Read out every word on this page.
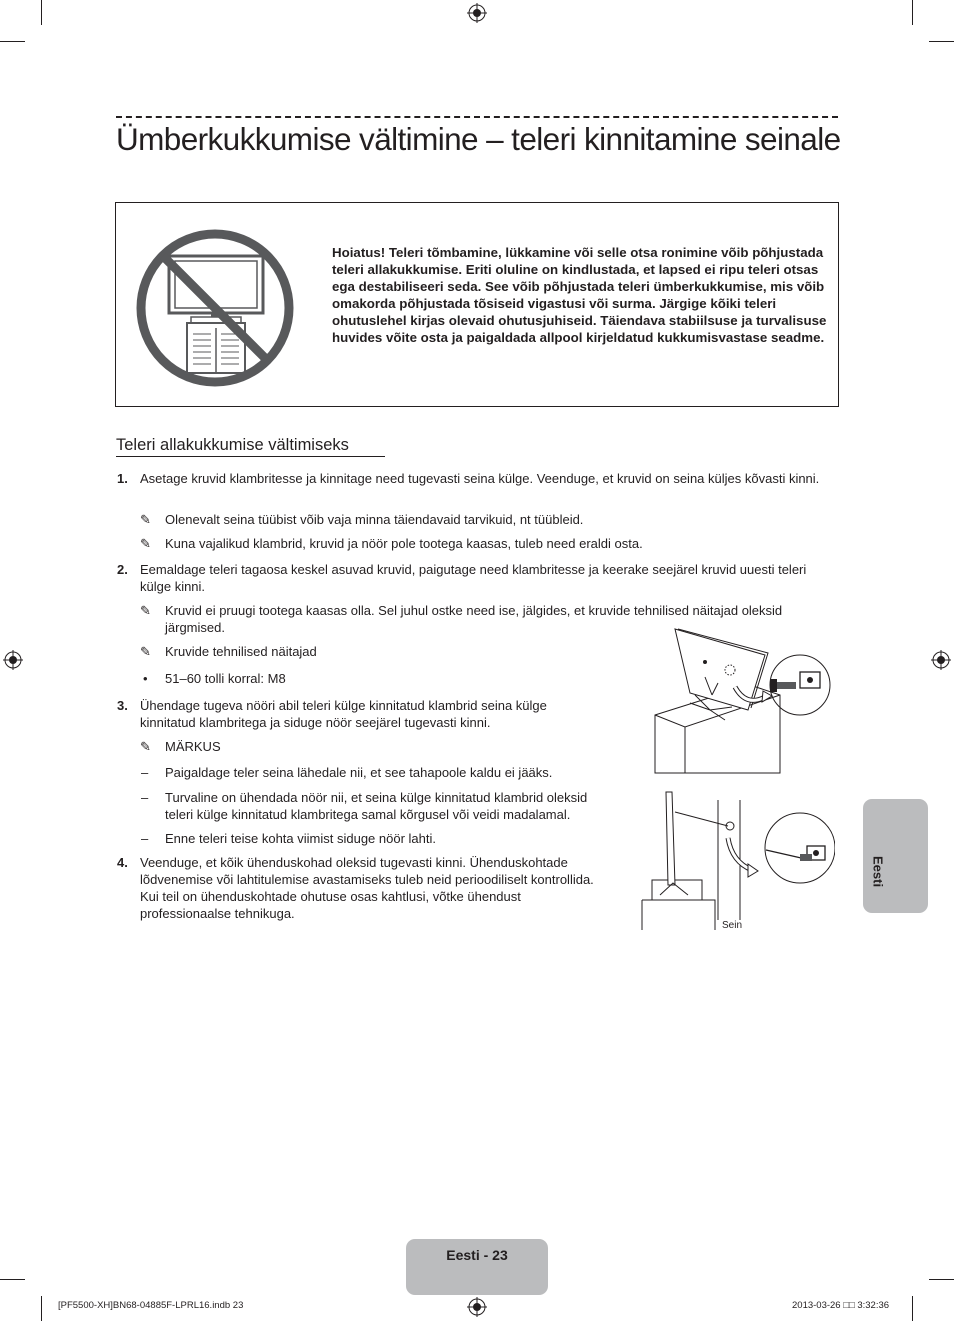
Ümberkukkumise vältimine – teleri kinnitamine seinale

Hoiatus! Teleri tõmbamine, lükkamine või selle otsa ronimine võib põhjustada teleri allakukkumise. Eriti oluline on kindlustada, et lapsed ei ripu teleri otsas ega destabiliseeri seda. See võib põhjustada teleri ümberkukkumise, mis võib omakorda põhjustada tõsiseid vigastusi või surma. Järgige kõiki teleri ohutuslehel kirjas olevaid ohutusjuhiseid. Täiendava stabiilsuse ja turvalisuse huvides võite osta ja paigaldada allpool kirjeldatud kukkumisvastase seadme.

Teleri allakukkumise vältimiseks
1. Asetage kruvid klambritesse ja kinnitage need tugevasti seina külge. Veenduge, et kruvid on seina küljes kõvasti kinni.

✎ Olenevalt seina tüübist võib vaja minna täiendavaid tarvikuid, nt tüübleid.

✎ Kuna vajalikud klambrid, kruvid ja nöör pole tootega kaasas, tuleb need eraldi osta.

2. Eemaldage teleri tagaosa keskel asuvad kruvid, paigutage need klambritesse ja keerake seejärel kruvid uuesti teleri külge kinni.

✎ Kruvid ei pruugi tootega kaasas olla. Sel juhul ostke need ise, jälgides, et kruvide tehnilised näitajad oleksid järgmised.

✎ Kruvide tehnilised näitajad

• 51–60 tolli korral: M8

3. Ühendage tugeva nööri abil teleri külge kinnitatud klambrid seina külge kinnitatud klambritega ja siduge nöör seejärel tugevasti kinni.

✎ MÄRKUS

– Paigaldage teler seina lähedale nii, et see tahapoole kaldu ei jääks.

– Turvaline on ühendada nöör nii, et seina külge kinnitatud klambrid oleksid teleri külge kinnitatud klambritega samal kõrgusel või veidi madalamal.

– Enne teleri teise kohta viimist siduge nöör lahti.

4. Veenduge, et kõik ühenduskohad oleksid tugevasti kinni. Ühenduskohtade lõdvenemise või lahtitulemise avastamiseks tuleb neid perioodiliselt kontrollida. Kui teil on ühenduskohtade ohutuse osas kahtlusi, võtke ühendust professionaalse tehnikuga.

Sein
Eesti
Eesti - 23
[PF5500-XH]BN68-04885F-LPRL16.indb 23	2013-03-26 □□ 3:32:36
